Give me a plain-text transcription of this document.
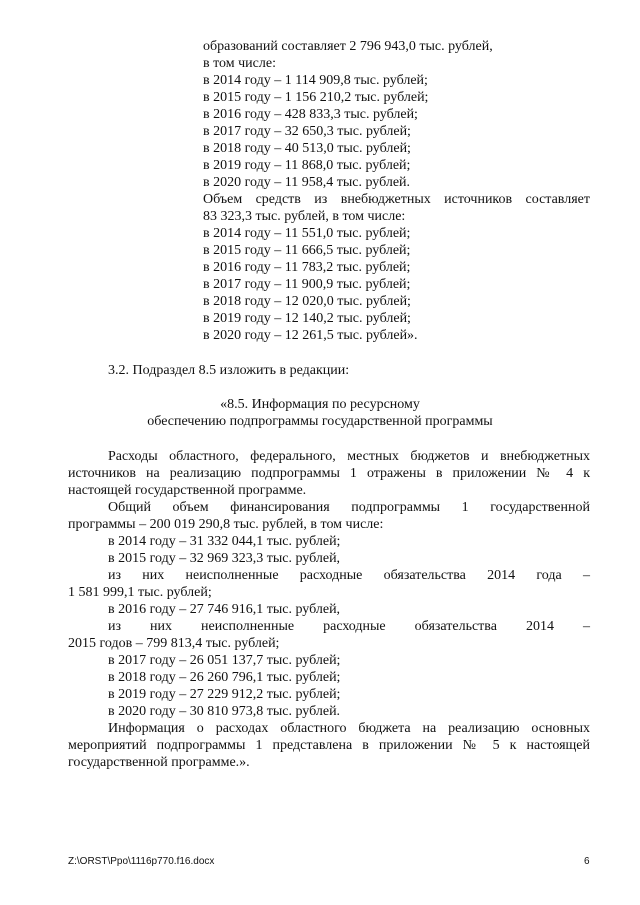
образований составляет 2 796 943,0 тыс. рублей,
в том числе:
в 2014 году – 1 114 909,8 тыс. рублей;
в 2015 году – 1 156 210,2 тыс. рублей;
в 2016 году – 428 833,3 тыс. рублей;
в 2017 году – 32 650,3 тыс. рублей;
в 2018 году – 40 513,0 тыс. рублей;
в 2019 году – 11 868,0 тыс. рублей;
в 2020 году – 11 958,4 тыс. рублей.
Объем средств из внебюджетных источников составляет
83 323,3 тыс. рублей, в том числе:
в 2014 году – 11 551,0 тыс. рублей;
в 2015 году – 11 666,5 тыс. рублей;
в 2016 году – 11 783,2 тыс. рублей;
в 2017 году – 11 900,9 тыс. рублей;
в 2018 году – 12 020,0 тыс. рублей;
в 2019 году – 12 140,2 тыс. рублей;
в 2020 году – 12 261,5 тыс. рублей».
3.2. Подраздел 8.5 изложить в редакции:
«8.5. Информация по ресурсному
обеспечению подпрограммы государственной программы
Расходы областного, федерального, местных бюджетов и внебюджетных
источников на реализацию подпрограммы 1 отражены в приложении № 4 к
настоящей государственной программе.
Общий объем финансирования подпрограммы 1 государственной
программы – 200 019 290,8 тыс. рублей, в том числе:
в 2014 году – 31 332 044,1 тыс. рублей;
в 2015 году – 32 969 323,3 тыс. рублей,
из них неисполненные расходные обязательства 2014 года –
1 581 999,1 тыс. рублей;
в 2016 году – 27 746 916,1 тыс. рублей,
из них неисполненные расходные обязательства 2014 –
2015 годов – 799 813,4 тыс. рублей;
в 2017 году – 26 051 137,7 тыс. рублей;
в 2018 году – 26 260 796,1 тыс. рублей;
в 2019 году – 27 229 912,2 тыс. рублей;
в 2020 году – 30 810 973,8 тыс. рублей.
Информация о расходах областного бюджета на реализацию основных
мероприятий подпрограммы 1 представлена в приложении № 5 к настоящей
государственной программе.».
Z:\ORST\Ppo\1116p770.f16.docx	6
